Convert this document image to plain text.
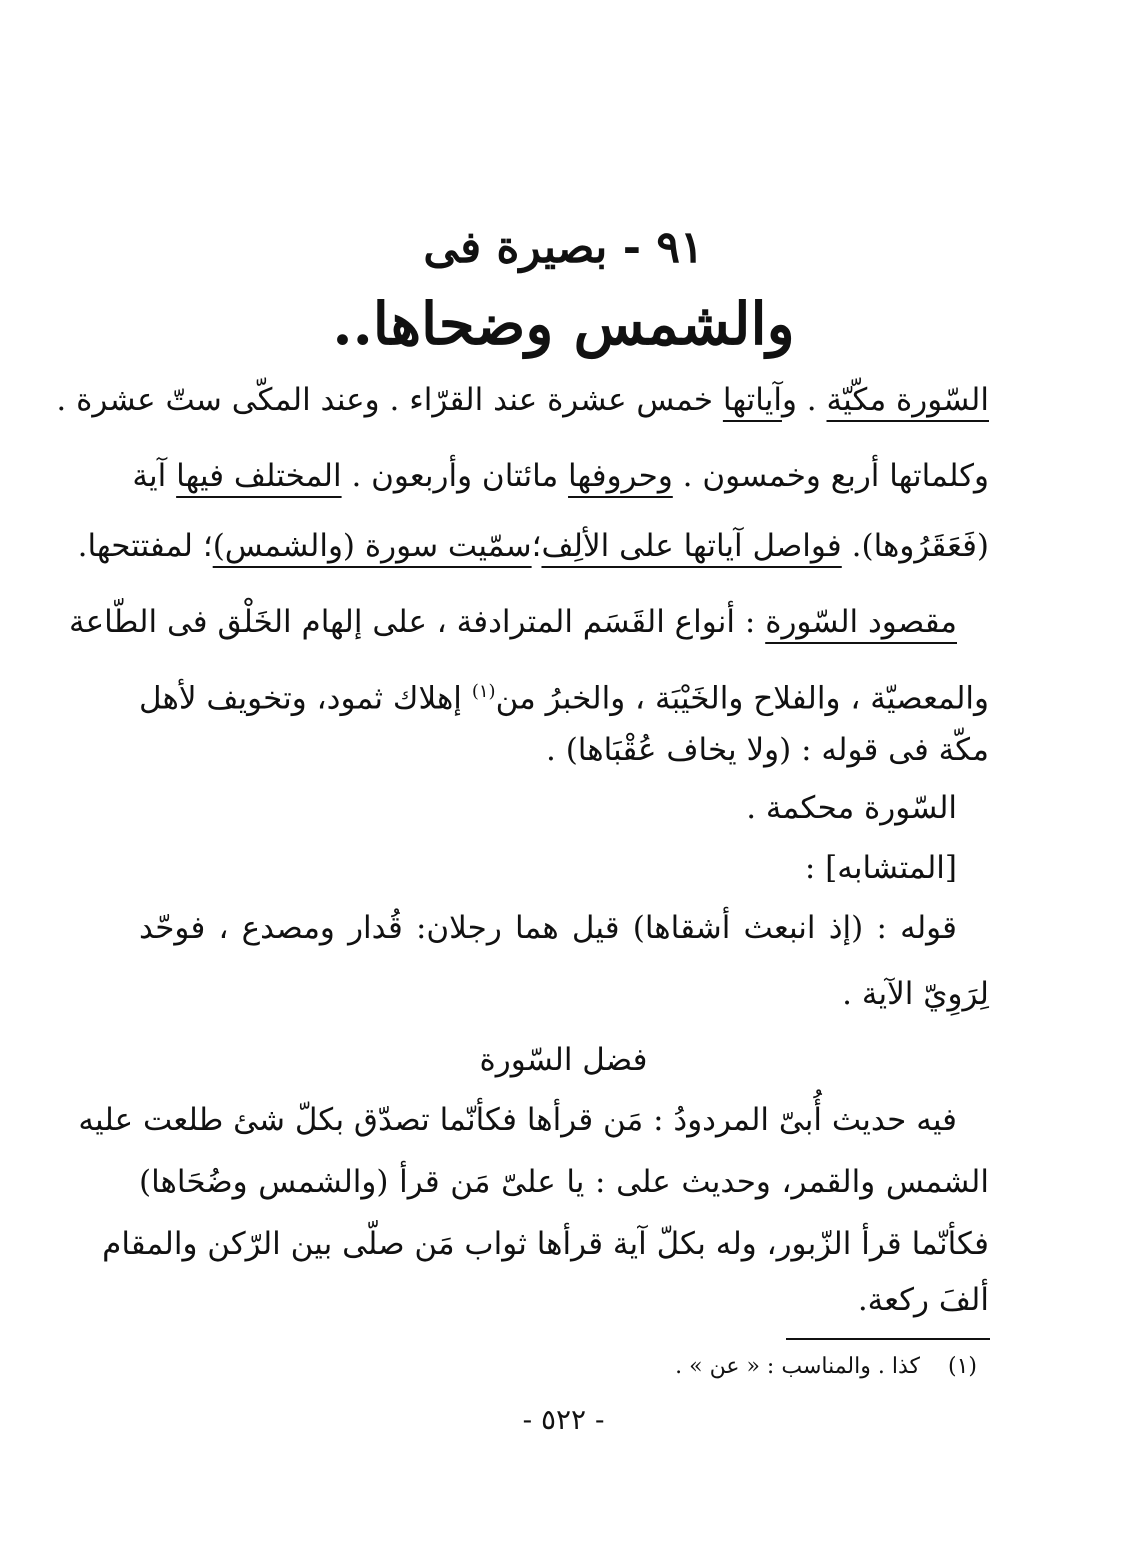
٩١ - بصيرة فى
والشمس وضحاها..
السّورة مكّيّة . وآياتها خمس عشرة عند القرّاء . وعند المكّى ستّ عشرة .
وكلماتها أربع وخمسون . وحروفها مائتان وأربعون . المختلف فيها آية
(فَعَقَرُوها). فواصل آياتها على الألِف؛سمّيت سورة (والشمس)؛ لمفتتحها.
مقصود السّورة : أنواع القَسَم المترادفة ، على إلهام الخَلْق فى الطّاعة
والمعصيّة ، والفلاح والخَيْبَة ، والخبرُ من$^{(١)}$ إهلاك ثمود، وتخويف لأهل
مكّة فى قوله : (ولا يخاف عُقْبَاها) .
السّورة محكمة .
[المتشابه] :
قوله : (إذ انبعث أشقاها) قيل هما رجلان: قُدار ومصدع ، فوحّد
لِرَوِيّ الآية .
فضل السّورة
فيه حديث أُبىّ المردودُ : مَن قرأها فكأنّما تصدّق بكلّ شئ طلعت عليه
الشمس والقمر، وحديث على : يا علىّ مَن قرأ (والشمس وضُحَاها)
فكأنّما قرأ الزّبور، وله بكلّ آية قرأها ثواب مَن صلّى بين الرّكن والمقام
ألفَ ركعة.
(١)    كذا . والمناسب : « عن » .
- ٥٢٢ -
